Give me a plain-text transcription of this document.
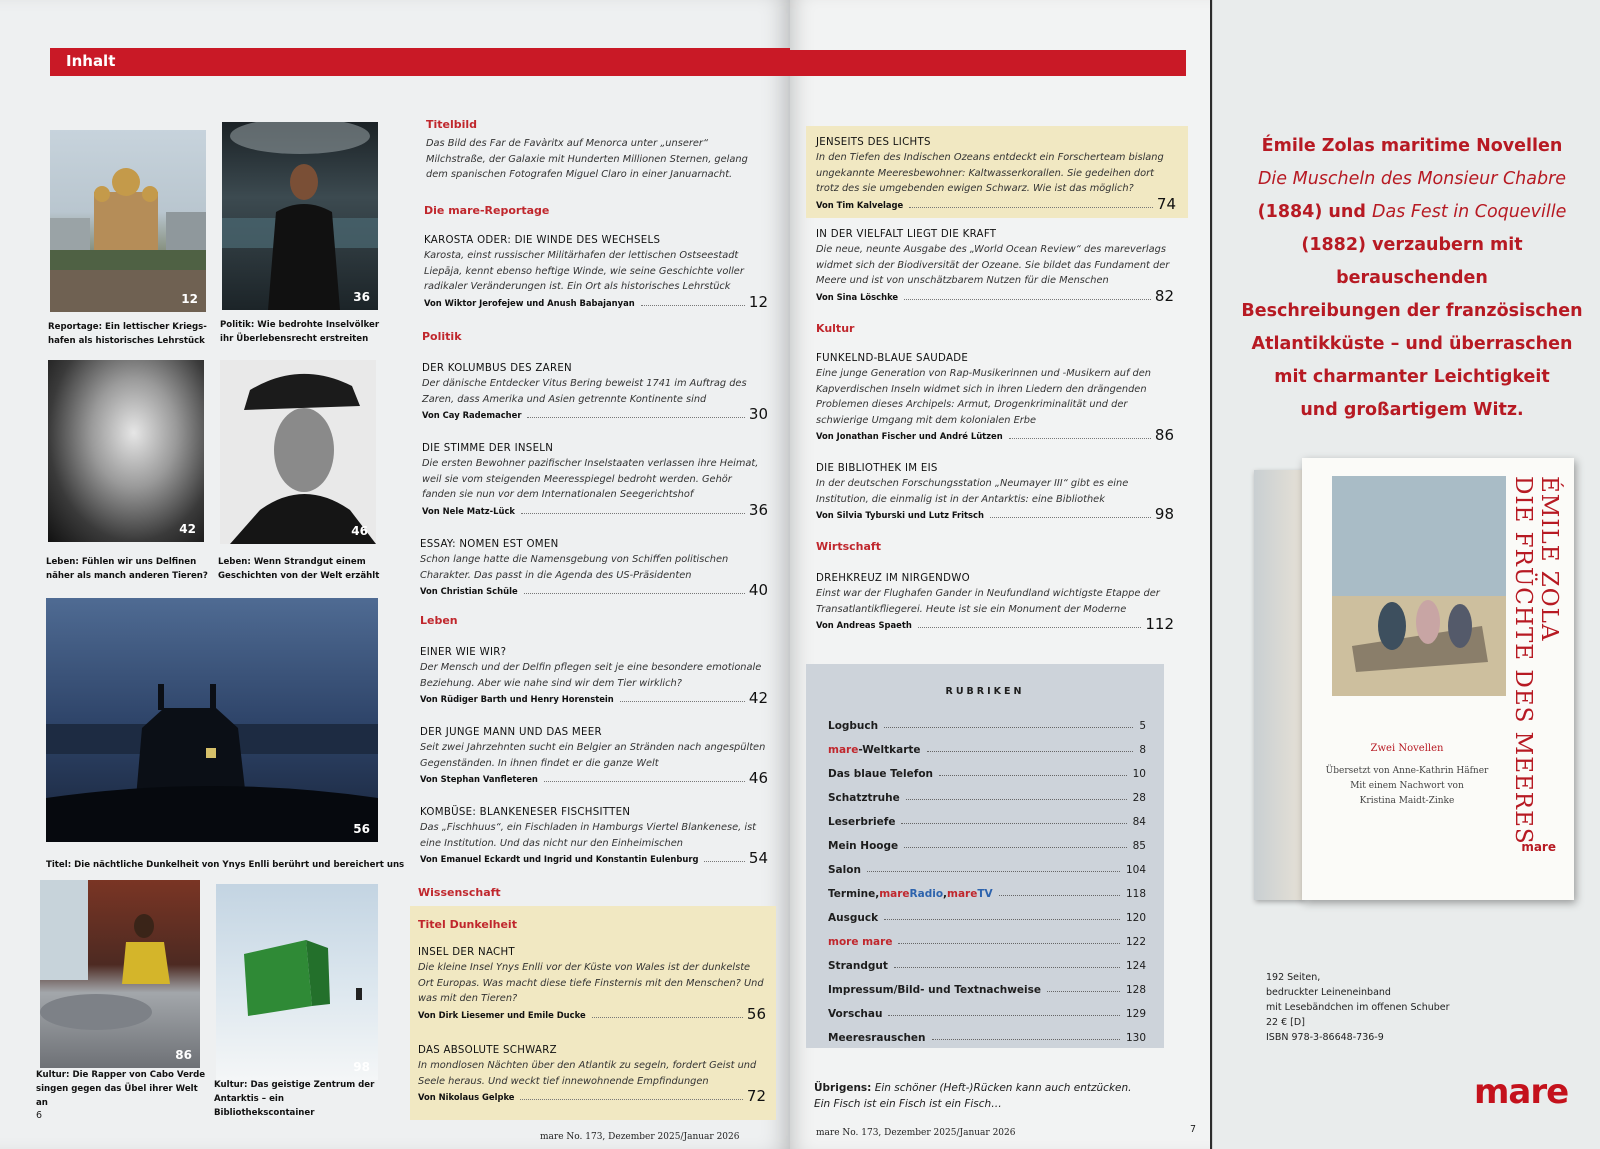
Inhalt
12
Reportage: Ein lettischer Kriegs-
hafen als historisches Lehrstück
36
Politik: Wie bedrohte Inselvölker
ihr Überlebensrecht erstreiten
42
Leben: Fühlen wir uns Delfinen
näher als manch anderen Tieren?
46
Leben: Wenn Strandgut einem
Geschichten von der Welt erzählt
56
Titel: Die nächtliche Dunkelheit von Ynys Enlli berührt und bereichert uns
86
Kultur: Die Rapper von Cabo Verde
singen gegen das Übel ihrer Welt an
98
Kultur: Das geistige Zentrum der
Antarktis – ein Bibliothekscontainer
Titelbild

Das Bild des Far de Favàritx auf Menorca unter „unserer“ Milchstraße, der Galaxie mit Hunderten Millionen Sternen, gelang dem spanischen Fotografen Miguel Claro in einer Januarnacht.

Die mare-Reportage
KAROSTA ODER: DIE WINDE DES WECHSELS

Karosta, einst russischer Militärhafen der lettischen Ostseestadt Liepāja, kennt ebenso heftige Winde, wie seine Geschichte voller radikaler Veränderungen ist. Ein Ort als historisches Lehrstück

Von Wiktor Jerofejew und Anush Babajanyan	12
Politik
DER KOLUMBUS DES ZAREN

Der dänische Entdecker Vitus Bering beweist 1741 im Auftrag des Zaren, dass Amerika und Asien getrennte Kontinente sind

Von Cay Rademacher	30
DIE STIMME DER INSELN

Die ersten Bewohner pazifischer Inselstaaten verlassen ihre Heimat, weil sie vom steigenden Meeresspiegel bedroht werden. Gehör fanden sie nun vor dem Internationalen Seegerichtshof

Von Nele Matz-Lück	36
ESSAY: NOMEN EST OMEN

Schon lange hatte die Namensgebung von Schiffen politischen Charakter. Das passt in die Agenda des US-Präsidenten

Von Christian Schüle	40
Leben
EINER WIE WIR?

Der Mensch und der Delfin pflegen seit je eine besondere emotionale Beziehung. Aber wie nahe sind wir dem Tier wirklich?

Von Rüdiger Barth und Henry Horenstein	42
DER JUNGE MANN UND DAS MEER

Seit zwei Jahrzehnten sucht ein Belgier an Stränden nach angespülten Gegenständen. In ihnen findet er die ganze Welt

Von Stephan Vanfleteren	46
KOMBÜSE: BLANKENESER FISCHSITTEN

Das „Fischhuus“, ein Fischladen in Hamburgs Viertel Blankenese, ist eine Institution. Und das nicht nur den Einheimischen

Von Emanuel Eckardt und Ingrid und Konstantin Eulenburg	54
Wissenschaft
Titel Dunkelheit
INSEL DER NACHT

Die kleine Insel Ynys Enlli vor der Küste von Wales ist der dunkelste Ort Europas. Was macht diese tiefe Finsternis mit den Menschen? Und was mit den Tieren?

Von Dirk Liesemer und Emile Ducke	56
DAS ABSOLUTE SCHWARZ

In mondlosen Nächten über den Atlantik zu segeln, fordert Geist und Seele heraus. Und weckt tief innewohnende Empfindungen

Von Nikolaus Gelpke	72
6
mare No. 173, Dezember 2025/Januar 2026
JENSEITS DES LICHTS

In den Tiefen des Indischen Ozeans entdeckt ein Forscherteam bislang ungekannte Meeresbewohner: Kaltwasserkorallen. Sie gedeihen dort trotz des sie umgebenden ewigen Schwarz. Wie ist das möglich?

Von Tim Kalvelage	74
IN DER VIELFALT LIEGT DIE KRAFT

Die neue, neunte Ausgabe des „World Ocean Review“ des mareverlags widmet sich der Biodiversität der Ozeane. Sie bildet das Fundament der Meere und ist von unschätzbarem Nutzen für die Menschen

Von Sina Löschke	82
Kultur
FUNKELND-BLAUE SAUDADE

Eine junge Generation von Rap-Musikerinnen und -Musikern auf den Kapverdischen Inseln widmet sich in ihren Liedern den drängenden Problemen dieses Archipels: Armut, Drogenkriminalität und der schwierige Umgang mit dem kolonialen Erbe

Von Jonathan Fischer und André Lützen	86
DIE BIBLIOTHEK IM EIS

In der deutschen Forschungsstation „Neumayer III“ gibt es eine Institution, die einmalig ist in der Antarktis: eine Bibliothek

Von Silvia Tyburski und Lutz Fritsch	98
Wirtschaft
DREHKREUZ IM NIRGENDWO

Einst war der Flughafen Gander in Neufundland wichtigste Etappe der Transatlantikfliegerei. Heute ist sie ein Monument der Moderne

Von Andreas Spaeth	112
RUBRIKEN
Logbuch	5
mare -Weltkarte	8
Das blaue Telefon	10
Schatztruhe	28
Leserbriefe	84
Mein Hooge	85
Salon	104
Termine, mare Radio , mare TV	118
Ausguck	120
more mare	122
Strandgut	124
Impressum/Bild- und Textnachweise	128
Vorschau	129
Meeresrauschen	130
Übrigens: Ein schöner (Heft-)Rücken kann auch entzücken.
Ein Fisch ist ein Fisch ist ein Fisch…
mare No. 173, Dezember 2025/Januar 2026	7
Émile Zolas maritime Novellen
Die Muscheln des Monsieur Chabre
(1884) und Das Fest in Coqueville
(1882) verzaubern mit berauschenden
Beschreibungen der französischen
Atlantikküste – und überraschen
mit charmanter Leichtigkeit
und großartigem Witz.
ÉMILE ZOLA
DIE FRÜCHTE DES MEERES
Zwei Novellen
Übersetzt von Anne-Kathrin Häfner
Mit einem Nachwort von
Kristina Maidt-Zinke
mare
192 Seiten,
bedruckter Leineneinband
mit Lesebändchen im offenen Schuber
22 € [D]
ISBN 978-3-86648-736-9
mare
